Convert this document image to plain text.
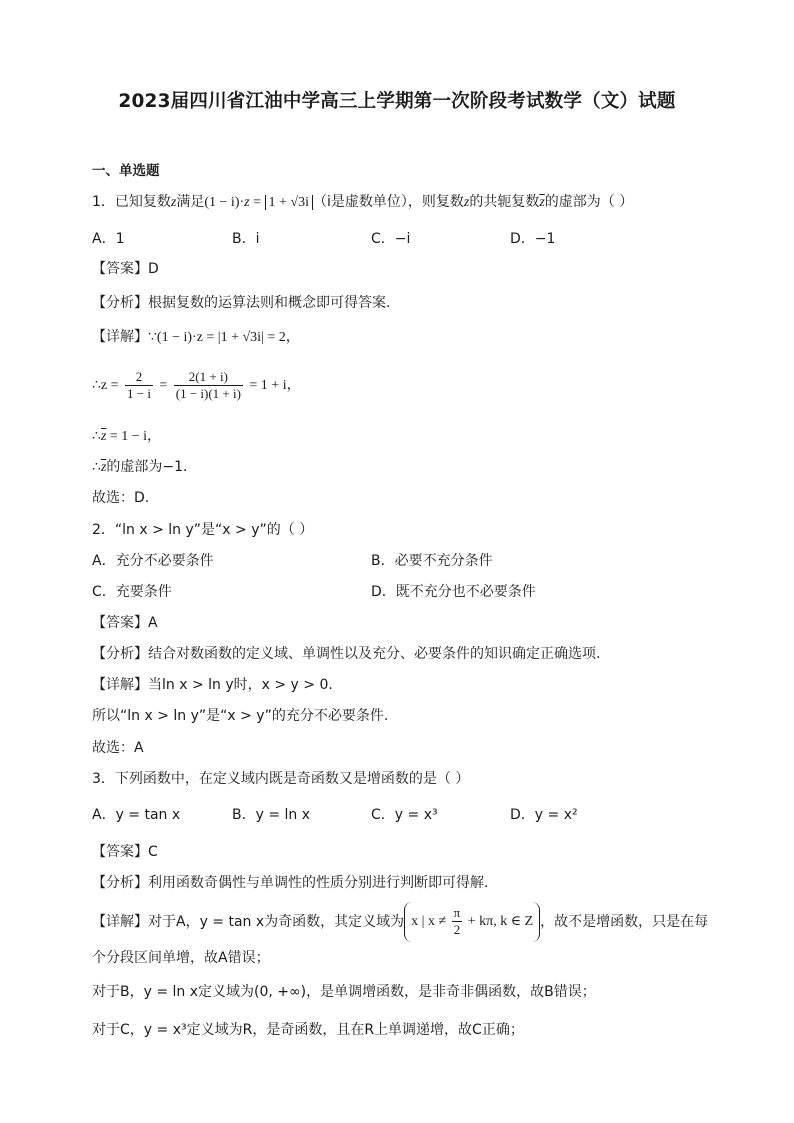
2023届四川省江油中学高三上学期第一次阶段考试数学（文）试题
一、单选题
1．已知复数z满足(1 − i)·z = 1 + √3i （i是虚数单位），则复数z的共轭复数$\overline{z}$的虚部为（ ）
A．1	B．i	C．−i	D．−1
【答案】D
【分析】根据复数的运算法则和概念即可得答案.
【详解】∵(1 − i)·z = |1 + √3i| = 2，
∴z = $\frac{2}{1 - i} = \frac{2(1 + i)}{(1 - i)(1 + i)} = 1 + i$，
$\therefore\overline{z} = 1 - i$，
$\therefore\overline{z}$的虚部为−1．
故选：D.
2．“ln x > ln y”是“x > y”的（ ）
A．充分不必要条件	B．必要不充分条件
C．充要条件	D．既不充分也不必要条件
【答案】A
【分析】结合对数函数的定义域、单调性以及充分、必要条件的知识确定正确选项.
【详解】当ln x > ln y时，x > y > 0.
所以“ln x > ln y”是“x > y”的充分不必要条件.
故选：A
3．下列函数中，在定义域内既是奇函数又是增函数的是（ ）
A．y = tan x	B．y = ln x	C．y = x³	D．y = x²
【答案】C
【分析】利用函数奇偶性与单调性的性质分别进行判断即可得解.
【详解】对于A，y = tan x为奇函数，其定义域为 x | $x \ne \frac{\pi}{2} + k\pi$, k ∈ Z ，故不是增函数，只是在每
个分段区间单增，故A错误；
对于B，y = ln x定义域为(0, +∞)，是单调增函数，是非奇非偶函数，故B错误；
对于C，y = x³定义域为R，是奇函数，且在R上单调递增，故C正确；
